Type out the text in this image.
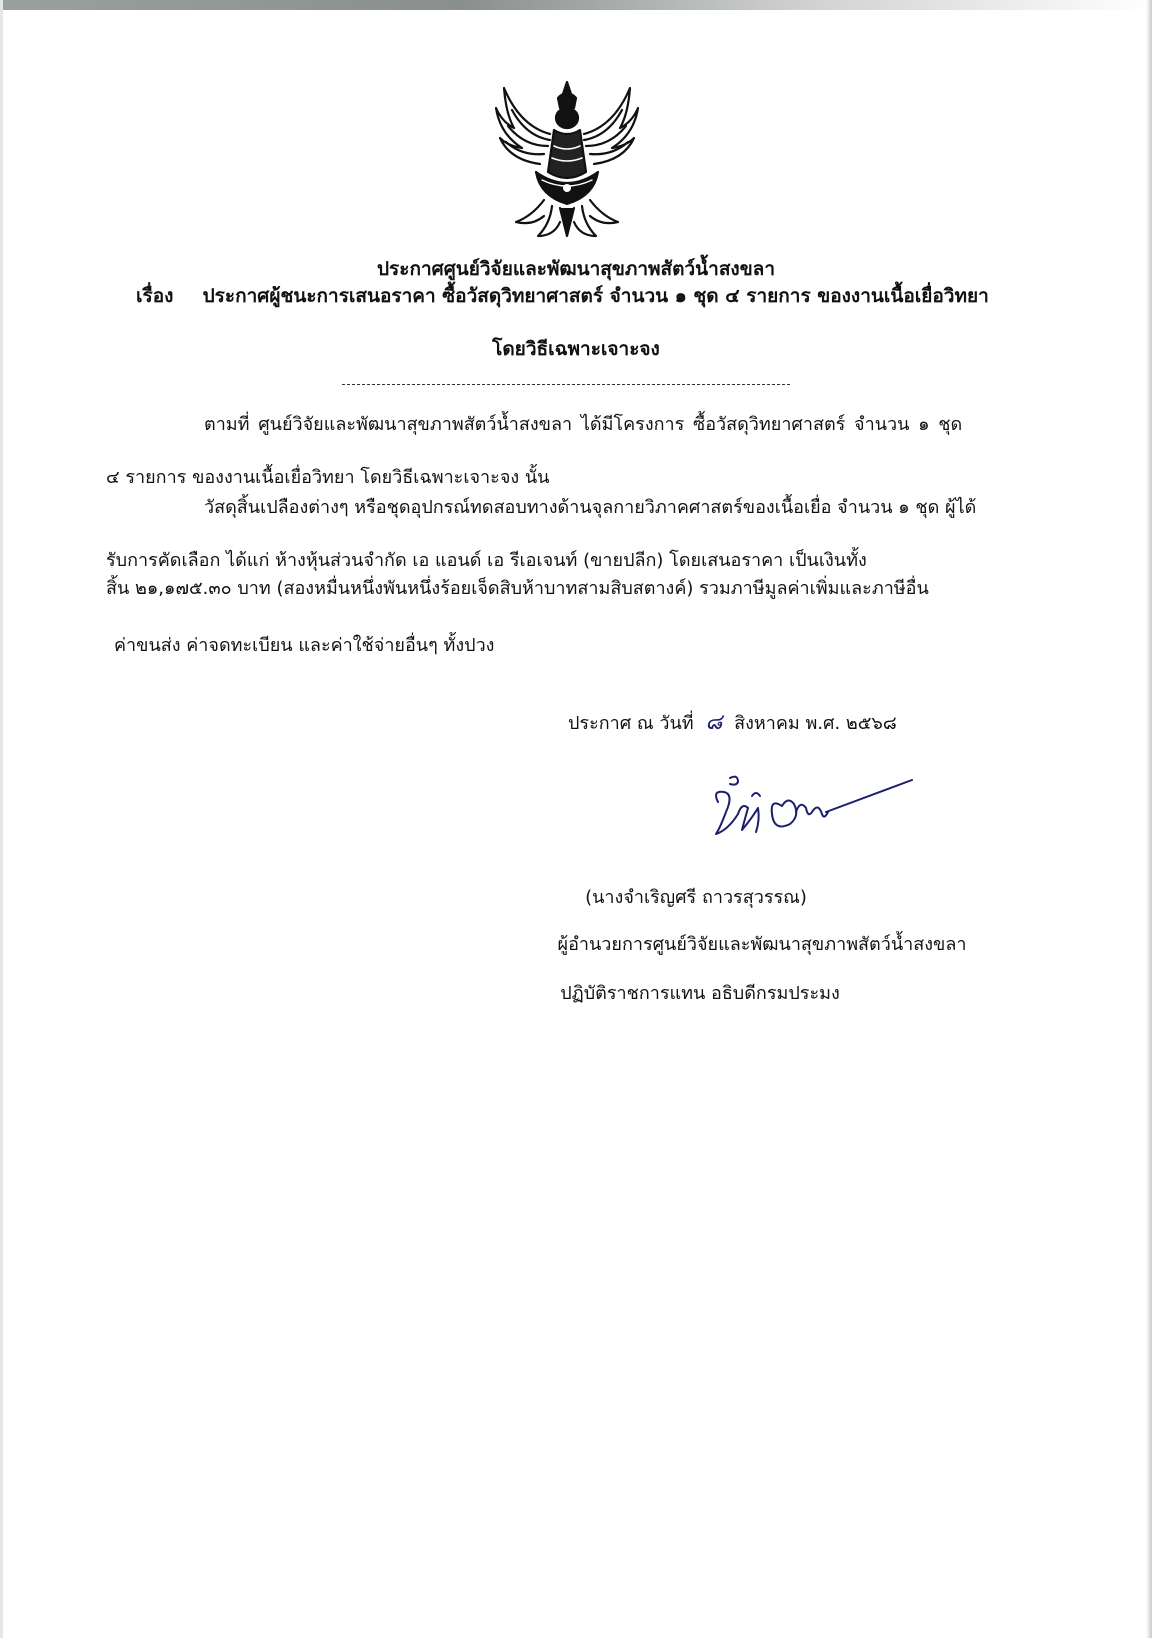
ประกาศศูนย์วิจัยและพัฒนาสุขภาพสัตว์น้ำสงขลา
เรื่อง ประกาศผู้ชนะการเสนอราคา ซื้อวัสดุวิทยาศาสตร์ จำนวน ๑ ชุด ๔ รายการ ของงานเนื้อเยื่อวิทยา
โดยวิธีเฉพาะเจาะจง
ตามที่ ศูนย์วิจัยและพัฒนาสุขภาพสัตว์น้ำสงขลา ได้มีโครงการ ซื้อวัสดุวิทยาศาสตร์ จำนวน ๑ ชุด
๔ รายการ ของงานเนื้อเยื่อวิทยา โดยวิธีเฉพาะเจาะจง นั้น
วัสดุสิ้นเปลืองต่างๆ หรือชุดอุปกรณ์ทดสอบทางด้านจุลกายวิภาคศาสตร์ของเนื้อเยื่อ จำนวน ๑ ชุด ผู้ได้
รับการคัดเลือก ได้แก่ ห้างหุ้นส่วนจำกัด เอ แอนด์ เอ รีเอเจนท์ (ขายปลีก) โดยเสนอราคา เป็นเงินทั้ง
สิ้น ๒๑,๑๗๕.๓๐ บาท (สองหมื่นหนึ่งพันหนึ่งร้อยเจ็ดสิบห้าบาทสามสิบสตางค์) รวมภาษีมูลค่าเพิ่มและภาษีอื่น
ค่าขนส่ง ค่าจดทะเบียน และค่าใช้จ่ายอื่นๆ ทั้งปวง
ประกาศ ณ วันที่ ๘ สิงหาคม พ.ศ. ๒๕๖๘
(นางจำเริญศรี ถาวรสุวรรณ)
ผู้อำนวยการศูนย์วิจัยและพัฒนาสุขภาพสัตว์น้ำสงขลา
ปฏิบัติราชการแทน อธิบดีกรมประมง
